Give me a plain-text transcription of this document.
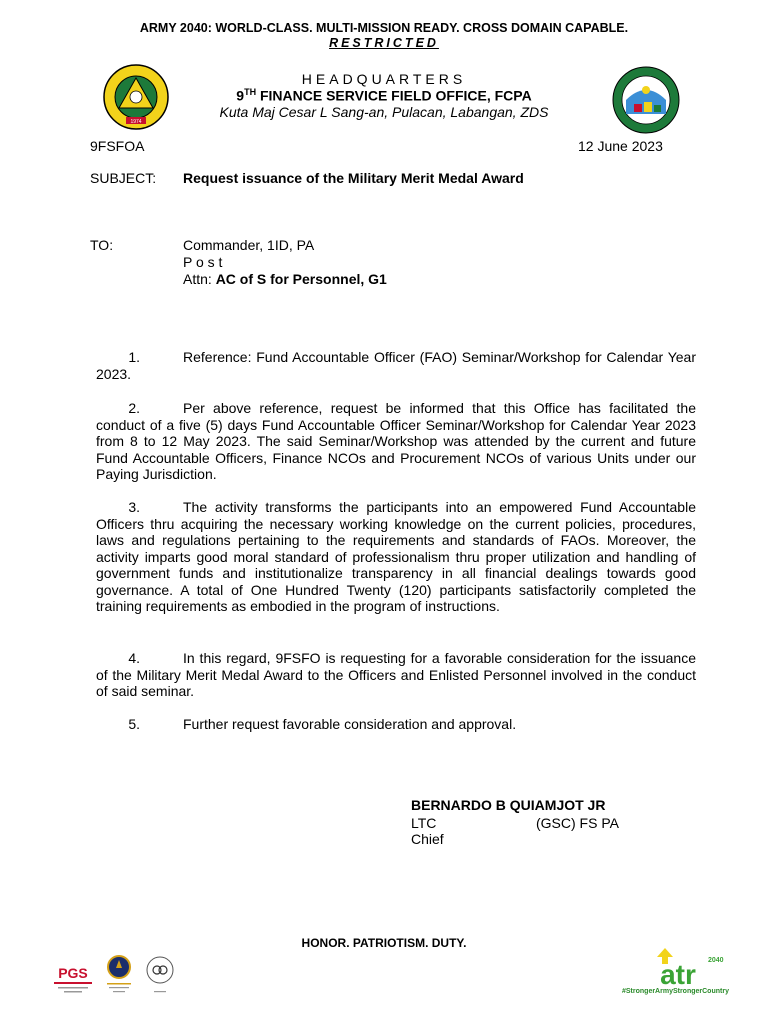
ARMY 2040: WORLD-CLASS. MULTI-MISSION READY. CROSS DOMAIN CAPABLE.
RESTRICTED
1974
HEADQUARTERS
9TH FINANCE SERVICE FIELD OFFICE, FCPA
Kuta Maj Cesar L Sang-an, Pulacan, Labangan, ZDS
9FSFOA	12 June 2023
SUBJECT: Request issuance of the Military Merit Medal Award
TO:	Commander, 1ID, PA
P o s t
Attn: AC of S for Personnel, G1
1.	Reference: Fund Accountable Officer (FAO) Seminar/Workshop for Calendar Year 2023.
2.	Per above reference, request be informed that this Office has facilitated the conduct of a five (5) days Fund Accountable Officer Seminar/Workshop for Calendar Year 2023 from 8 to 12 May 2023. The said Seminar/Workshop was attended by the current and future Fund Accountable Officers, Finance NCOs and Procurement NCOs of various Units under our Paying Jurisdiction.
3.	The activity transforms the participants into an empowered Fund Accountable Officers thru acquiring the necessary working knowledge on the current policies, procedures, laws and regulations pertaining to the requirements and standards of FAOs. Moreover, the activity imparts good moral standard of professionalism thru proper utilization and handling of government funds and institutionalize transparency in all financial dealings towards good governance. A total of One Hundred Twenty (120) participants satisfactorily completed the training requirements as embodied in the program of instructions.
4.	In this regard, 9FSFO is requesting for a favorable consideration for the issuance of the Military Merit Medal Award to the Officers and Enlisted Personnel involved in the conduct of said seminar.
5.	Further request favorable consideration and approval.
BERNARDO B QUIAMJOT JR
LTC	(GSC) FS PA
Chief
HONOR. PATRIOTISM. DUTY.
PGS	atr 2040
#StrongerArmyStrongerCountry
